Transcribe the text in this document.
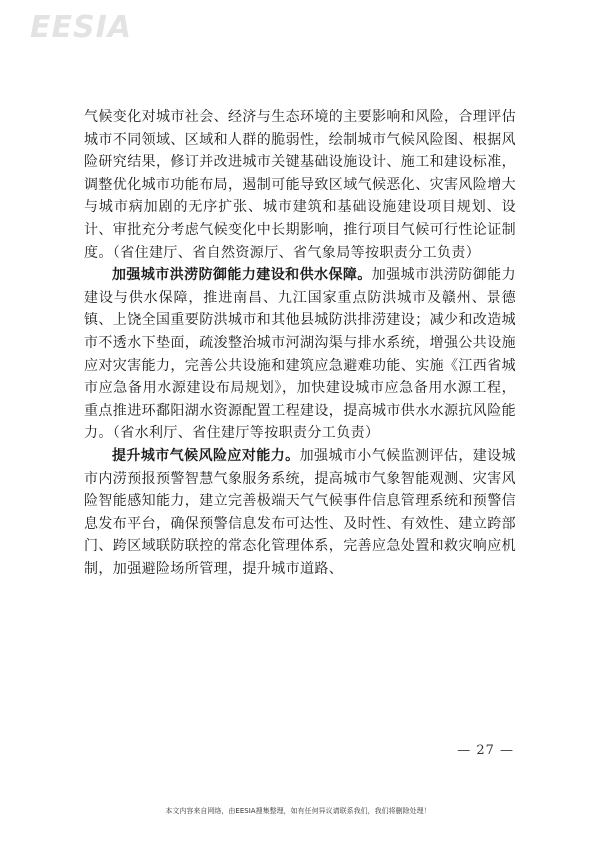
EESIA

气候变化对城市社会、经济与生态环境的主要影响和风险，合理评估城市不同领域、区域和人群的脆弱性，绘制城市气候风险图、根据风险研究结果，修订并改进城市关键基础设施设计、施工和建设标准，调整优化城市功能布局，遏制可能导致区域气候恶化、灾害风险增大与城市病加剧的无序扩张、城市建筑和基础设施建设项目规划、设计、审批充分考虑气候变化中长期影响，推行项目气候可行性论证制度。（省住建厅、省自然资源厅、省气象局等按职责分工负责）

加强城市洪涝防御能力建设和供水保障。加强城市洪涝防御能力建设与供水保障，推进南昌、九江国家重点防洪城市及赣州、景德镇、上饶全国重要防洪城市和其他县城防洪排涝建设；减少和改造城市不透水下垫面，疏浚整治城市河湖沟渠与排水系统，增强公共设施应对灾害能力，完善公共设施和建筑应急避难功能、实施《江西省城市应急备用水源建设布局规划》，加快建设城市应急备用水源工程，重点推进环鄱阳湖水资源配置工程建设，提高城市供水水源抗风险能力。（省水利厅、省住建厅等按职责分工负责）

提升城市气候风险应对能力。加强城市小气候监测评估，建设城市内涝预报预警智慧气象服务系统，提高城市气象智能观测、灾害风险智能感知能力，建立完善极端天气气候事件信息管理系统和预警信息发布平台，确保预警信息发布可达性、及时性、有效性、建立跨部门、跨区域联防联控的常态化管理体系，完善应急处置和救灾响应机制，加强避险场所管理，提升城市道路、

— 27 —
本文内容来自网络，由EESIA搜集整理，如有任何异议请联系我们，我们将删除处理！
